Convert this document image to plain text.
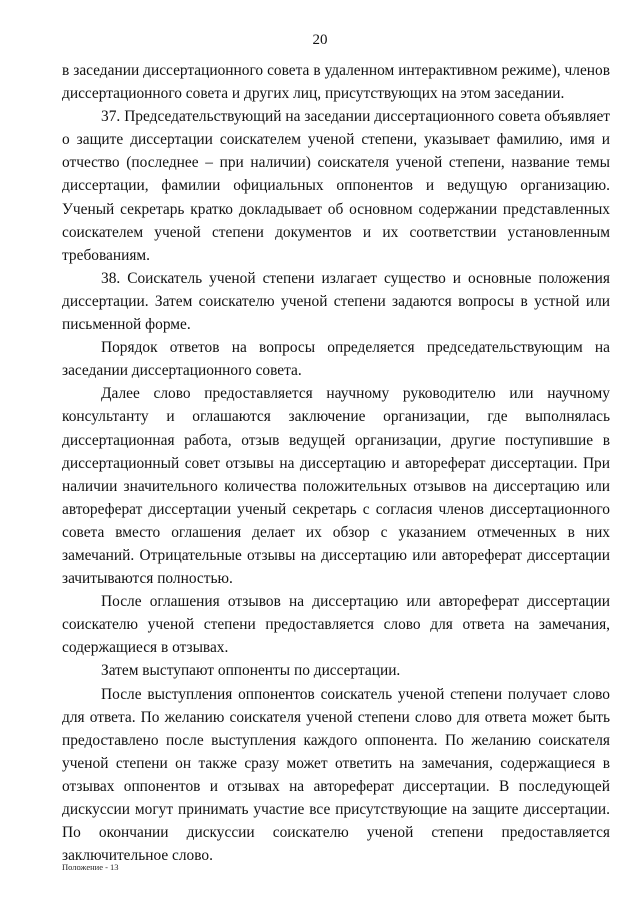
20

в заседании диссертационного совета в удаленном интерактивном режиме), членов диссертационного совета и других лиц, присутствующих на этом заседании.

37. Председательствующий на заседании диссертационного совета объявляет о защите диссертации соискателем ученой степени, указывает фамилию, имя и отчество (последнее – при наличии) соискателя ученой степени, название темы диссертации, фамилии официальных оппонентов и ведущую организацию. Ученый секретарь кратко докладывает об основном содержании представленных соискателем ученой степени документов и их соответствии установленным требованиям.

38. Соискатель ученой степени излагает существо и основные положения диссертации. Затем соискателю ученой степени задаются вопросы в устной или письменной форме.

Порядок ответов на вопросы определяется председательствующим на заседании диссертационного совета.

Далее слово предоставляется научному руководителю или научному консультанту и оглашаются заключение организации, где выполнялась диссертационная работа, отзыв ведущей организации, другие поступившие в диссертационный совет отзывы на диссертацию и автореферат диссертации. При наличии значительного количества положительных отзывов на диссертацию или автореферат диссертации ученый секретарь с согласия членов диссертационного совета вместо оглашения делает их обзор с указанием отмеченных в них замечаний. Отрицательные отзывы на диссертацию или автореферат диссертации зачитываются полностью.

После оглашения отзывов на диссертацию или автореферат диссертации соискателю ученой степени предоставляется слово для ответа на замечания, содержащиеся в отзывах.

Затем выступают оппоненты по диссертации.

После выступления оппонентов соискатель ученой степени получает слово для ответа. По желанию соискателя ученой степени слово для ответа может быть предоставлено после выступления каждого оппонента. По желанию соискателя ученой степени он также сразу может ответить на замечания, содержащиеся в отзывах оппонентов и отзывах на автореферат диссертации. В последующей дискуссии могут принимать участие все присутствующие на защите диссертации. По окончании дискуссии соискателю ученой степени предоставляется заключительное слово.

Положение - 13
